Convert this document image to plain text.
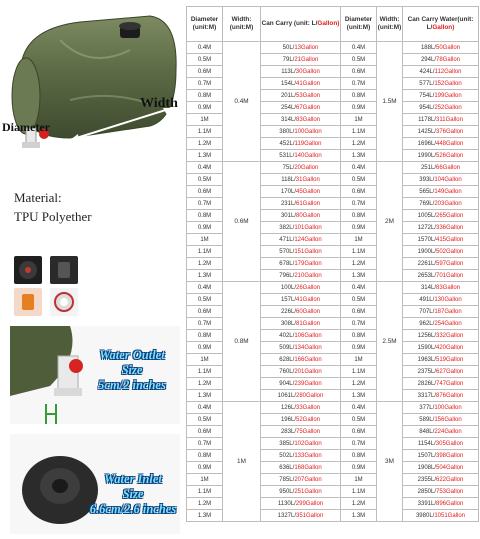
Width
Diameter
Material:
TPU Polyether
Water Outlet
Size
5cm/2 inches
Water Inlet
Size
6.6cm/2.6 inches
Diameter (unit:M)	Width: (unit:M)	Can Carry (unit: L/Gallon)	Diameter (unit:M)	Width: (unit:M)	Can Carry Water(unit: L/Gallon)
0.4M	0.4M	50L/13Gallon	0.4M	1.5M	188L/50Gallon
0.5M		79L/21Gallon	0.5M		294L/78Gallon
0.6M		113L/30Gallon	0.6M		424L/112Gallon
0.7M		154L/41Gallon	0.7M		577L/152Gallon
0.8M		201L/53Gallon	0.8M		754L/199Gallon
0.9M		254L/67Gallon	0.9M		954L/252Gallon
1M		314L/83Gallon	1M		1178L/311Gallon
1.1M		380L/100Gallon	1.1M		1425L/376Gallon
1.2M		452L/119Gallon	1.2M		1696L/448Gallon
1.3M		531L/140Gallon	1.3M		1990L/526Gallon
0.4M	0.6M	75L/20Gallon	0.4M	2M	251L/66Gallon
0.5M		118L/31Gallon	0.5M		393L/104Gallon
0.6M		170L/45Gallon	0.6M		565L/149Gallon
0.7M		231L/61Gallon	0.7M		769L/203Gallon
0.8M		301L/80Gallon	0.8M		1005L/265Gallon
0.9M		382L/101Gallon	0.9M		1272L/336Gallon
1M		471L/124Gallon	1M		1570L/415Gallon
1.1M		570L/151Gallon	1.1M		1900L/502Gallon
1.2M		678L/179Gallon	1.2M		2261L/597Gallon
1.3M		796L/210Gallon	1.3M		2653L/701Gallon
0.4M	0.8M	100L/26Gallon	0.4M	2.5M	314L/83Gallon
0.5M		157L/41Gallon	0.5M		491L/130Gallon
0.6M		226L/60Gallon	0.6M		707L/187Gallon
0.7M		308L/81Gallon	0.7M		962L/254Gallon
0.8M		402L/106Gallon	0.8M		1256L/332Gallon
0.9M		509L/134Gallon	0.9M		1590L/420Gallon
1M		628L/166Gallon	1M		1963L/519Gallon
1.1M		760L/201Gallon	1.1M		2375L/627Gallon
1.2M		904L/239Gallon	1.2M		2826L/747Gallon
1.3M		1061L/280Gallon	1.3M		3317L/876Gallon
0.4M	1M	126L/33Gallon	0.4M	3M	377L/100Gallon
0.5M		196L/52Gallon	0.5M		589L/156Gallon
0.6M		283L/75Gallon	0.6M		848L/224Gallon
0.7M		385L/102Gallon	0.7M		1154L/305Gallon
0.8M		502L/133Gallon	0.8M		1507L/398Gallon
0.9M		636L/168Gallon	0.9M		1908L/504Gallon
1M		785L/207Gallon	1M		2355L/622Gallon
1.1M		950L/251Gallon	1.1M		2850L/753Gallon
1.2M		1130L/299Gallon	1.2M		3391L/896Gallon
1.3M		1327L/351Gallon	1.3M		3980L/1051Gallon
